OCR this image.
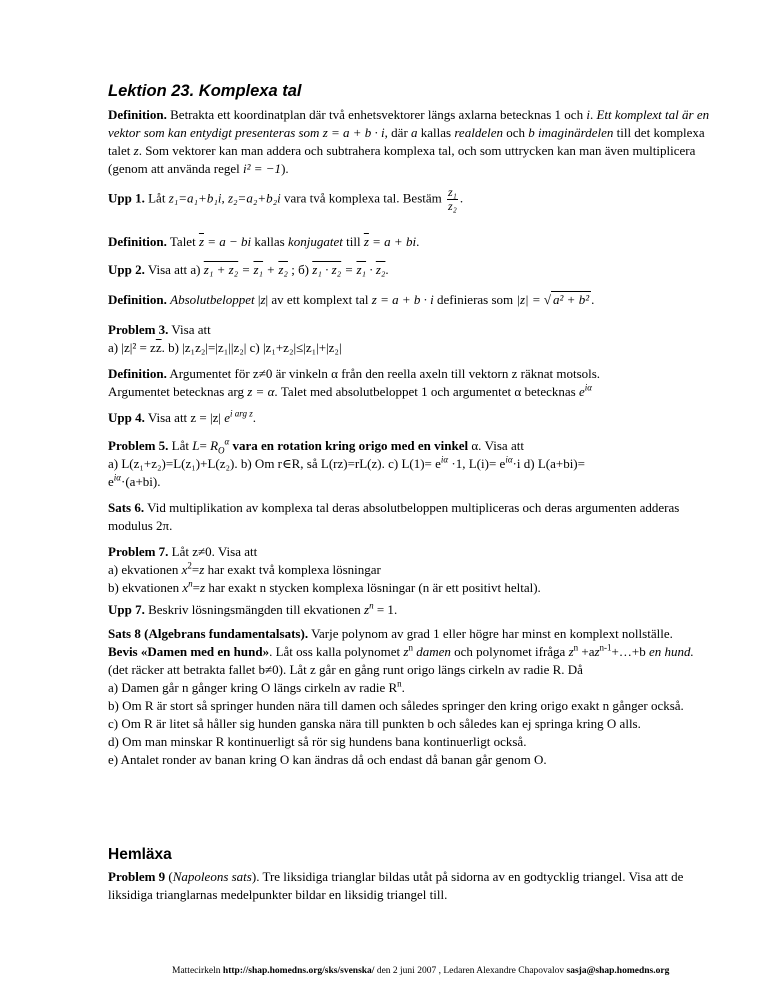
Lektion 23. Komplexa tal
Definition. Betrakta ett koordinatplan där två enhetsvektorer längs axlarna betecknas 1 och i. Ett komplext tal är en vektor som kan entydigt presenteras som z = a + b · i, där a kallas realdelen och b imaginärdelen till det komplexa talet z. Som vektorer kan man addera och subtrahera komplexa tal, och som uttrycken kan man även multiplicera (genom att använda regel i² = −1).
Upp 1. Låt z₁=a₁+b₁i, z₂=a₂+b₂i vara två komplexa tal. Bestäm $\frac{\text{z₁}}{\text{z₂}}$ .
Definition. Talet $\overline{z} = a$ − bi kallas konjugatet till $\overline{z} = a$ + bi.
Upp 2. Visa att a) z₁ + z₂ = z₁ + z₂ ; б) z₁ · z₂ = z₁ · z₂.
Definition. Absolutbeloppet |z| av ett komplext tal z = a + b · i definieras som |z| = √ a² + b² .
Problem 3. Visa att
a) $|z|^2 = z\overline{z}$. b) |z₁z₂|=|z₁||z₂| c) |z₁+z₂|≤|z₁|+|z₂|
Definition. Argumentet för z≠0 är vinkeln α från den reella axeln till vektorn z räknat motsols.
Argumentet betecknas arg z = α. Talet med absolutbeloppet 1 och argumentet α betecknas $e^{i\alpha}$
Upp 4. Visa att z = |z| $e^{i arg z}$.
Problem 5. Låt $L= R_O^\alpha$ vara en rotation kring origo med en vinkel α. Visa att
a) L(z₁+z₂)=L(z₁)+L(z₂). b) Om r∈R, så L(rz)=rL(z). c) $L(1)= e^{i\alpha} \cdot 1$, $L(i)= e^{i\alpha}\cdot i$ d) L(a+bi)=
$e^{i\alpha}\cdot(a+bi)$.
Sats 6. Vid multiplikation av komplexa tal deras absolutbeloppen multipliceras och deras argumenten adderas modulus 2π.
Problem 7. Låt z≠0. Visa att
a) ekvationen $x^2=z$ har exakt två komplexa lösningar
b) ekvationen $x^n=z$ har exakt n stycken komplexa lösningar (n är ett positivt heltal).
Upp 7. Beskriv lösningsmängden till ekvationen $z^n = 1$.
Sats 8 (Algebrans fundamentalsats). Varje polynom av grad 1 eller högre har minst en komplext nollställe.
Bevis «Damen med en hund». Låt oss kalla polynomet $z^n$ damen och polynomet ifråga $z^n$ $+az^{n-1}+\dots+b$ en hund. (det räcker att betrakta fallet b≠0). Låt z går en gång runt origo längs cirkeln av radie R. Då
a) Damen går n gånger kring O längs cirkeln av radie $R^n$.
b) Om R är stort så springer hunden nära till damen och således springer den kring origo exakt n gånger också.
c) Om R är litet så håller sig hunden ganska nära till punkten b och således kan ej springa kring O alls.
d) Om man minskar R kontinuerligt så rör sig hundens bana kontinuerligt också.
e) Antalet ronder av banan kring O kan ändras då och endast då banan går genom O.
Hemläxa
Problem 9 (Napoleons sats). Tre liksidiga trianglar bildas utåt på sidorna av en godtycklig triangel. Visa att de liksidiga trianglarnas medelpunkter bildar en liksidig triangel till.
Mattecirkeln http://shap.homedns.org/sks/svenska/ den 2 juni 2007 , Ledaren Alexandre Chapovalov sasja@shap.homedns.org
